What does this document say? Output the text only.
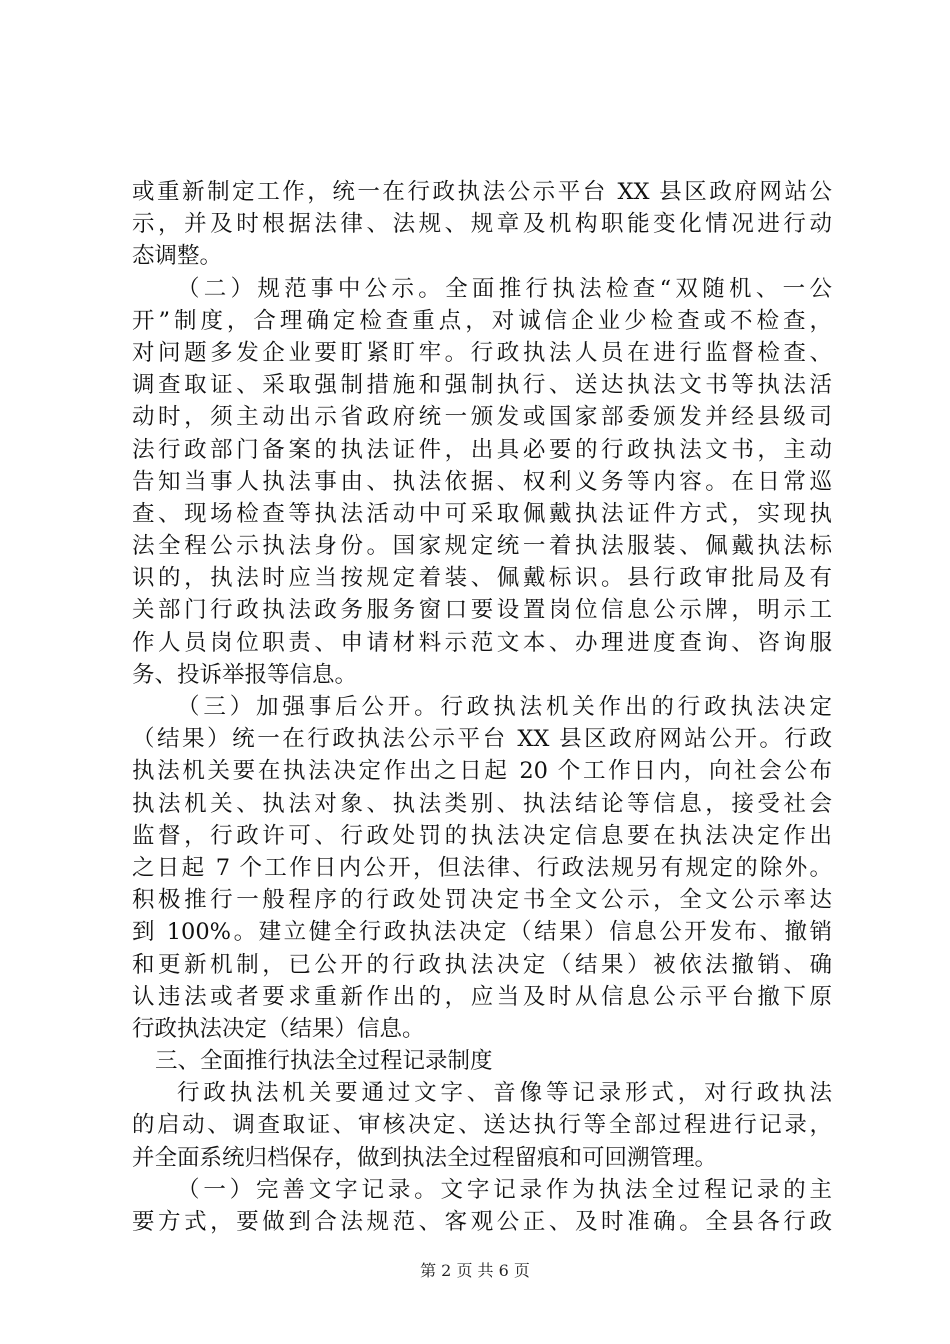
或重新制定工作，统一在行政执法公示平台 XX 县区政府网站公
示，并及时根据法律、法规、规章及机构职能变化情况进行动
态调整。
（二）规范事中公示。全面推行执法检查“双随机、一公
开”制度，合理确定检查重点，对诚信企业少检查或不检查，
对问题多发企业要盯紧盯牢。行政执法人员在进行监督检查、
调查取证、采取强制措施和强制执行、送达执法文书等执法活
动时，须主动出示省政府统一颁发或国家部委颁发并经县级司
法行政部门备案的执法证件，出具必要的行政执法文书，主动
告知当事人执法事由、执法依据、权利义务等内容。在日常巡
查、现场检查等执法活动中可采取佩戴执法证件方式，实现执
法全程公示执法身份。国家规定统一着执法服装、佩戴执法标
识的，执法时应当按规定着装、佩戴标识。县行政审批局及有
关部门行政执法政务服务窗口要设置岗位信息公示牌，明示工
作人员岗位职责、申请材料示范文本、办理进度查询、咨询服
务、投诉举报等信息。
（三）加强事后公开。行政执法机关作出的行政执法决定
（结果）统一在行政执法公示平台 XX 县区政府网站公开。行政
执法机关要在执法决定作出之日起 20 个工作日内，向社会公布
执法机关、执法对象、执法类别、执法结论等信息，接受社会
监督，行政许可、行政处罚的执法决定信息要在执法决定作出
之日起 7 个工作日内公开，但法律、行政法规另有规定的除外。
积极推行一般程序的行政处罚决定书全文公示，全文公示率达
到 100%。建立健全行政执法决定（结果）信息公开发布、撤销
和更新机制，已公开的行政执法决定（结果）被依法撤销、确
认违法或者要求重新作出的，应当及时从信息公示平台撤下原
行政执法决定（结果）信息。
三、全面推行执法全过程记录制度
行政执法机关要通过文字、音像等记录形式，对行政执法
的启动、调查取证、审核决定、送达执行等全部过程进行记录，
并全面系统归档保存，做到执法全过程留痕和可回溯管理。
（一）完善文字记录。文字记录作为执法全过程记录的主
要方式，要做到合法规范、客观公正、及时准确。全县各行政
第 2 页 共 6 页
